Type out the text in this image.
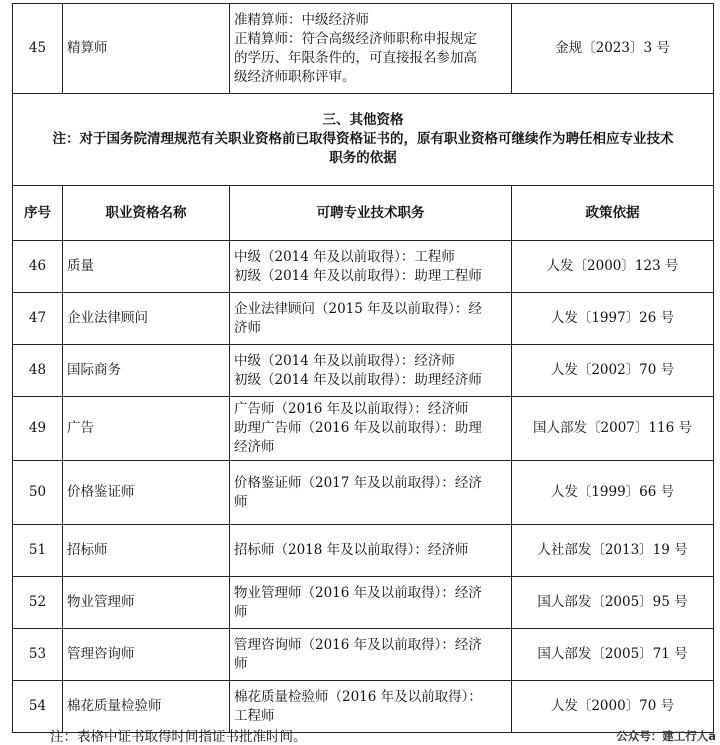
45	精算师	准精算师：中级经济师
正精算师：符合高级经济师职称申报规定
的学历、年限条件的，可直接报名参加高
级经济师职称评审。	金规〔2023〕3 号

三、其他资格
注：对于国务院清理规范有关职业资格前已取得资格证书的，原有职业资格可继续作为聘任相应专业技术
职务的依据			

序号	职业资格名称	可聘专业技术职务	政策依据
46	质量	中级（2014 年及以前取得）：工程师
初级（2014 年及以前取得）：助理工程师	人发〔2000〕123 号
47	企业法律顾问	企业法律顾问（2015 年及以前取得）：经
济师	人发〔1997〕26 号
48	国际商务	中级（2014 年及以前取得）：经济师
初级（2014 年及以前取得）：助理经济师	人发〔2002〕70 号
49	广告	广告师（2016 年及以前取得）：经济师
助理广告师（2016 年及以前取得）：助理
经济师	国人部发〔2007〕116 号
50	价格鉴证师	价格鉴证师（2017 年及以前取得）：经济
师	人发〔1999〕66 号
51	招标师	招标师（2018 年及以前取得）：经济师	人社部发〔2013〕19 号
52	物业管理师	物业管理师（2016 年及以前取得）：经济
师	国人部发〔2005〕95 号
53	管理咨询师	管理咨询师（2016 年及以前取得）：经济
师	国人部发〔2005〕71 号
54	棉花质量检验师	棉花质量检验师（2016 年及以前取得）：
工程师	人发〔2000〕70 号
注：表格中证书取得时间指证书批准时间。	公众号：建工行人a
